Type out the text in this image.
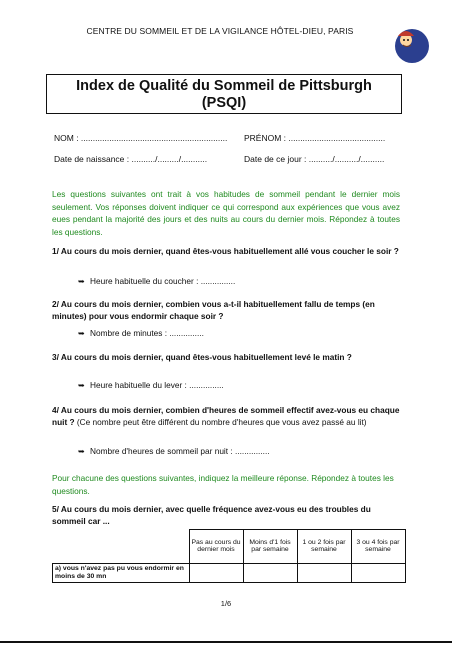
CENTRE DU SOMMEIL ET DE LA VIGILANCE HÔTEL-DIEU, PARIS
Index de Qualité du Sommeil de Pittsburgh
(PSQI)
NOM : .............................................................. PRÉNOM : .........................................
Date de naissance : ........../........./...........	Date de ce jour : ........../........../..........
Les questions suivantes ont trait à vos habitudes de sommeil pendant le dernier mois seulement. Vos réponses doivent indiquer ce qui correspond aux expériences que vous avez eues pendant la majorité des jours et des nuits au cours du dernier mois. Répondez à toutes les questions.
1/ Au cours du mois dernier, quand êtes-vous habituellement allé vous coucher le soir ?
➥ Heure habituelle du coucher : ...............
2/ Au cours du mois dernier, combien vous a-t-il habituellement fallu de temps (en minutes) pour vous endormir chaque soir ?
➥ Nombre de minutes : ...............
3/ Au cours du mois dernier, quand êtes-vous habituellement levé le matin ?
➥ Heure habituelle du lever : ...............
4/ Au cours du mois dernier, combien d'heures de sommeil effectif avez-vous eu chaque nuit ? (Ce nombre peut être différent du nombre d'heures que vous avez passé au lit)
➥ Nombre d'heures de sommeil par nuit : ...............
Pour chacune des questions suivantes, indiquez la meilleure réponse. Répondez à toutes les questions.
5/ Au cours du mois dernier, avec quelle fréquence avez-vous eu des troubles du sommeil car ...
	Pas au cours du dernier mois	Moins d'1 fois par semaine	1 ou 2 fois par semaine	3 ou 4 fois par semaine
a) vous n'avez pas pu vous endormir en moins de 30 mn				
1/6
